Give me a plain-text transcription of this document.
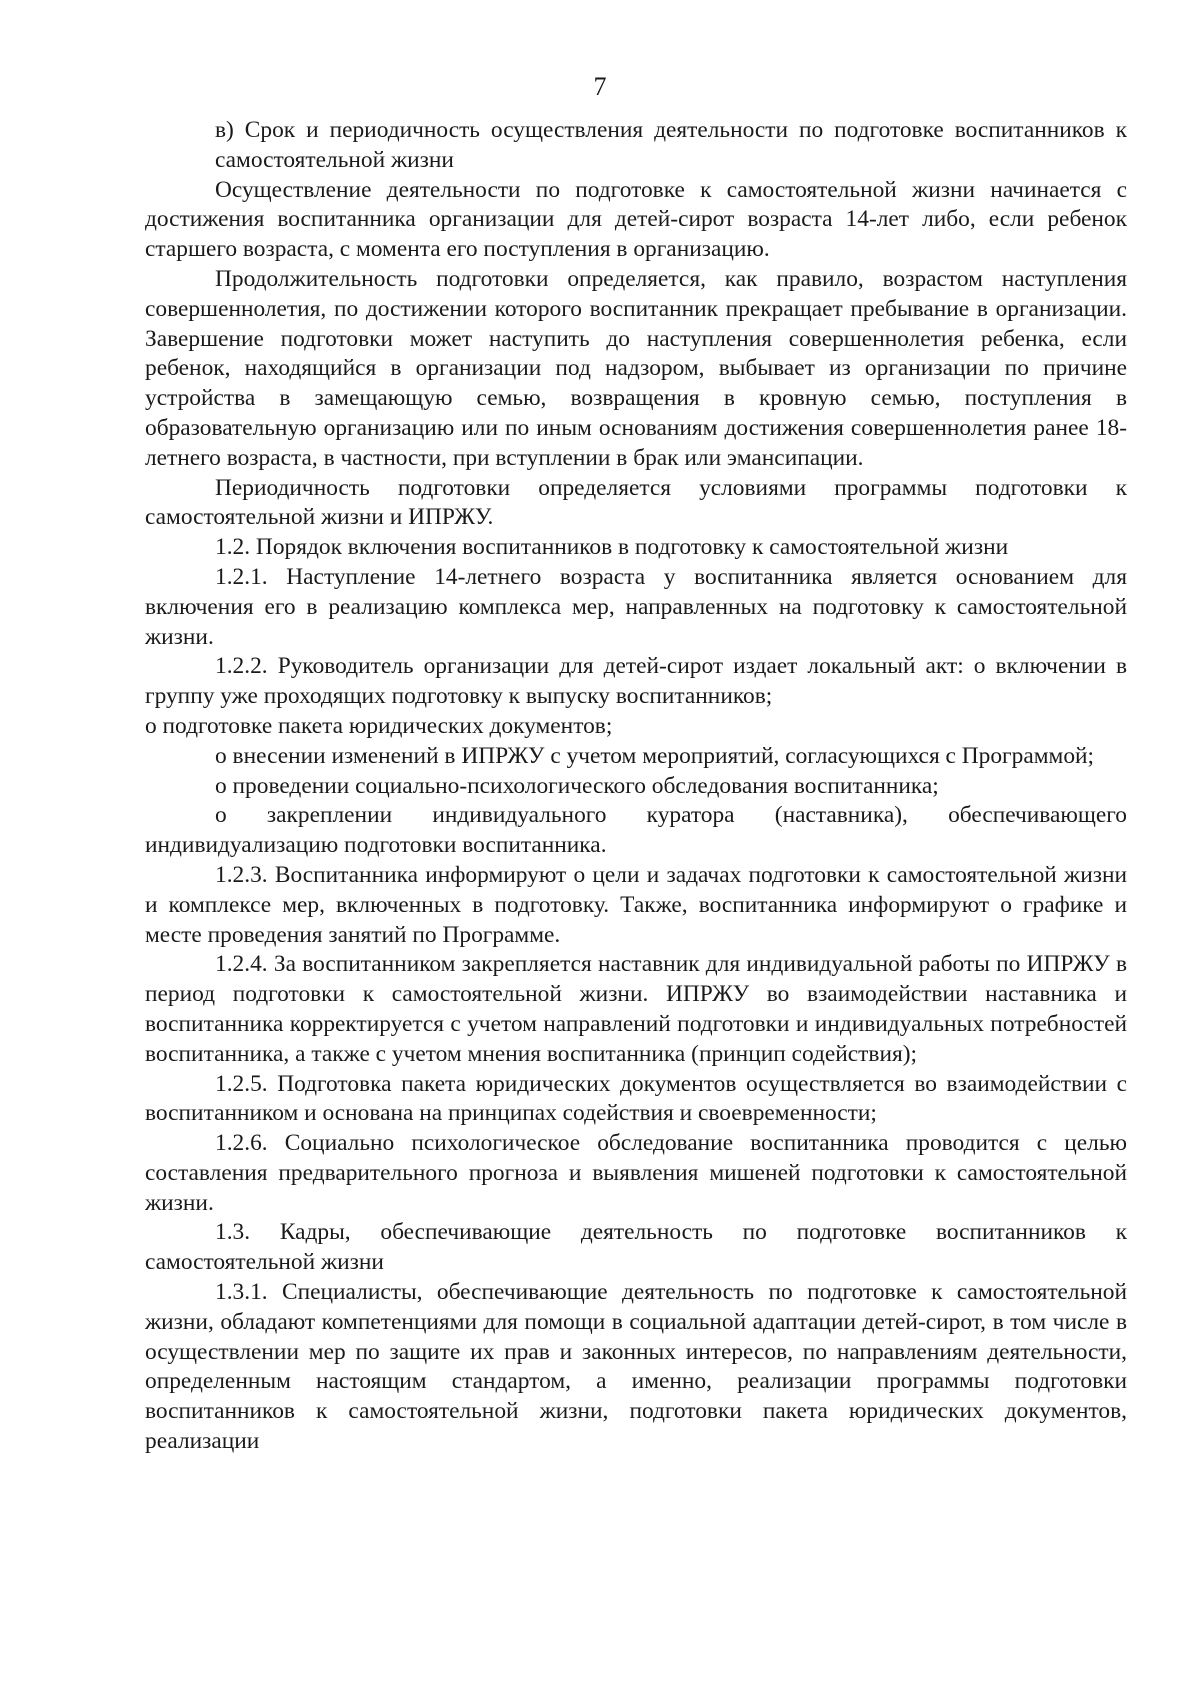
7

в) Срок и периодичность осуществления деятельности по подготовке воспитанников к самостоятельной жизни

Осуществление деятельности по подготовке к самостоятельной жизни начинается с достижения воспитанника организации для детей-сирот возраста 14-лет либо, если ребенок старшего возраста, с момента его поступления в организацию.

Продолжительность подготовки определяется, как правило, возрастом наступления совершеннолетия, по достижении которого воспитанник прекращает пребывание в организации. Завершение подготовки может наступить до наступления совершеннолетия ребенка, если ребенок, находящийся в организации под надзором, выбывает из организации по причине устройства в замещающую семью, возвращения в кровную семью, поступления в образовательную организацию или по иным основаниям достижения совершеннолетия ранее 18-летнего возраста, в частности, при вступлении в брак или эмансипации.

Периодичность подготовки определяется условиями программы подготовки к самостоятельной жизни и ИПРЖУ.

1.2. Порядок включения воспитанников в подготовку к самостоятельной жизни

1.2.1. Наступление 14-летнего возраста у воспитанника является основанием для включения его в реализацию комплекса мер, направленных на подготовку к самостоятельной жизни.

1.2.2. Руководитель организации для детей-сирот издает локальный акт: о включении в группу уже проходящих подготовку к выпуску воспитанников;

о подготовке пакета юридических документов;

о внесении изменений в ИПРЖУ с учетом мероприятий, согласующихся с Программой;

о проведении социально-психологического обследования воспитанника;

о закреплении индивидуального куратора (наставника), обеспечивающего индивидуализацию подготовки воспитанника.

1.2.3. Воспитанника информируют о цели и задачах подготовки к самостоятельной жизни и комплексе мер, включенных в подготовку. Также, воспитанника информируют о графике и месте проведения занятий по Программе.

1.2.4. За воспитанником закрепляется наставник для индивидуальной работы по ИПРЖУ в период подготовки к самостоятельной жизни. ИПРЖУ во взаимодействии наставника и воспитанника корректируется с учетом направлений подготовки и индивидуальных потребностей воспитанника, а также с учетом мнения воспитанника (принцип содействия);

1.2.5. Подготовка пакета юридических документов осуществляется во взаимодействии с воспитанником и основана на принципах содействия и своевременности;

1.2.6. Социально психологическое обследование воспитанника проводится с целью составления предварительного прогноза и выявления мишеней подготовки к самостоятельной жизни.

1.3. Кадры, обеспечивающие деятельность по подготовке воспитанников к самостоятельной жизни

1.3.1. Специалисты, обеспечивающие деятельность по подготовке к самостоятельной жизни, обладают компетенциями для помощи в социальной адаптации детей-сирот, в том числе в осуществлении мер по защите их прав и законных интересов, по направлениям деятельности, определенным настоящим стандартом, а именно, реализации программы подготовки воспитанников к самостоятельной жизни, подготовки пакета юридических документов, реализации
